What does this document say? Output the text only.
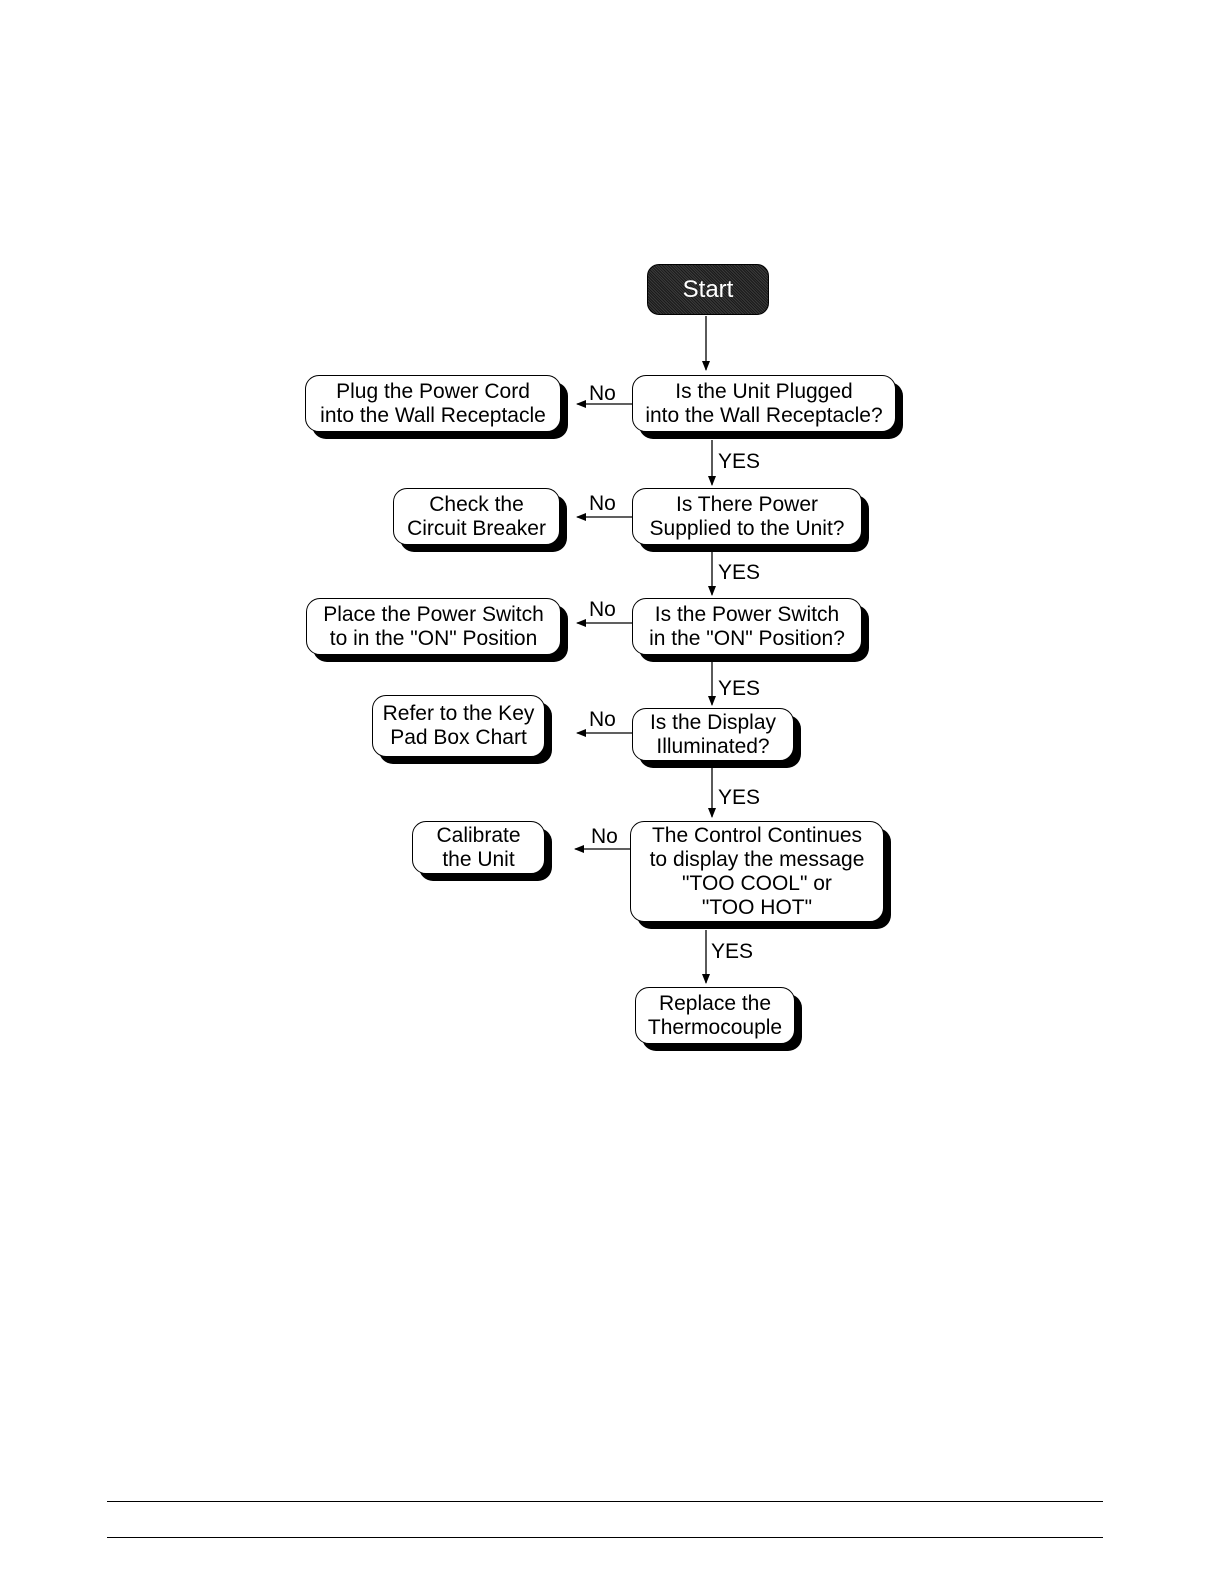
Start
Is the Unit Plugged
into the Wall Receptacle?
Is There Power
Supplied to the Unit?
Is the Power Switch
in the "ON" Position?
Is the Display
Illuminated?
The Control Continues
to display the message
"TOO COOL" or
"TOO HOT"
Plug the Power Cord
into the Wall Receptacle
Check the
Circuit Breaker
Place the Power Switch
to in the "ON" Position
Refer to the Key
Pad Box Chart
Calibrate
the Unit
Replace the
Thermocouple
No
No
No
No
No
YES
YES
YES
YES
YES
